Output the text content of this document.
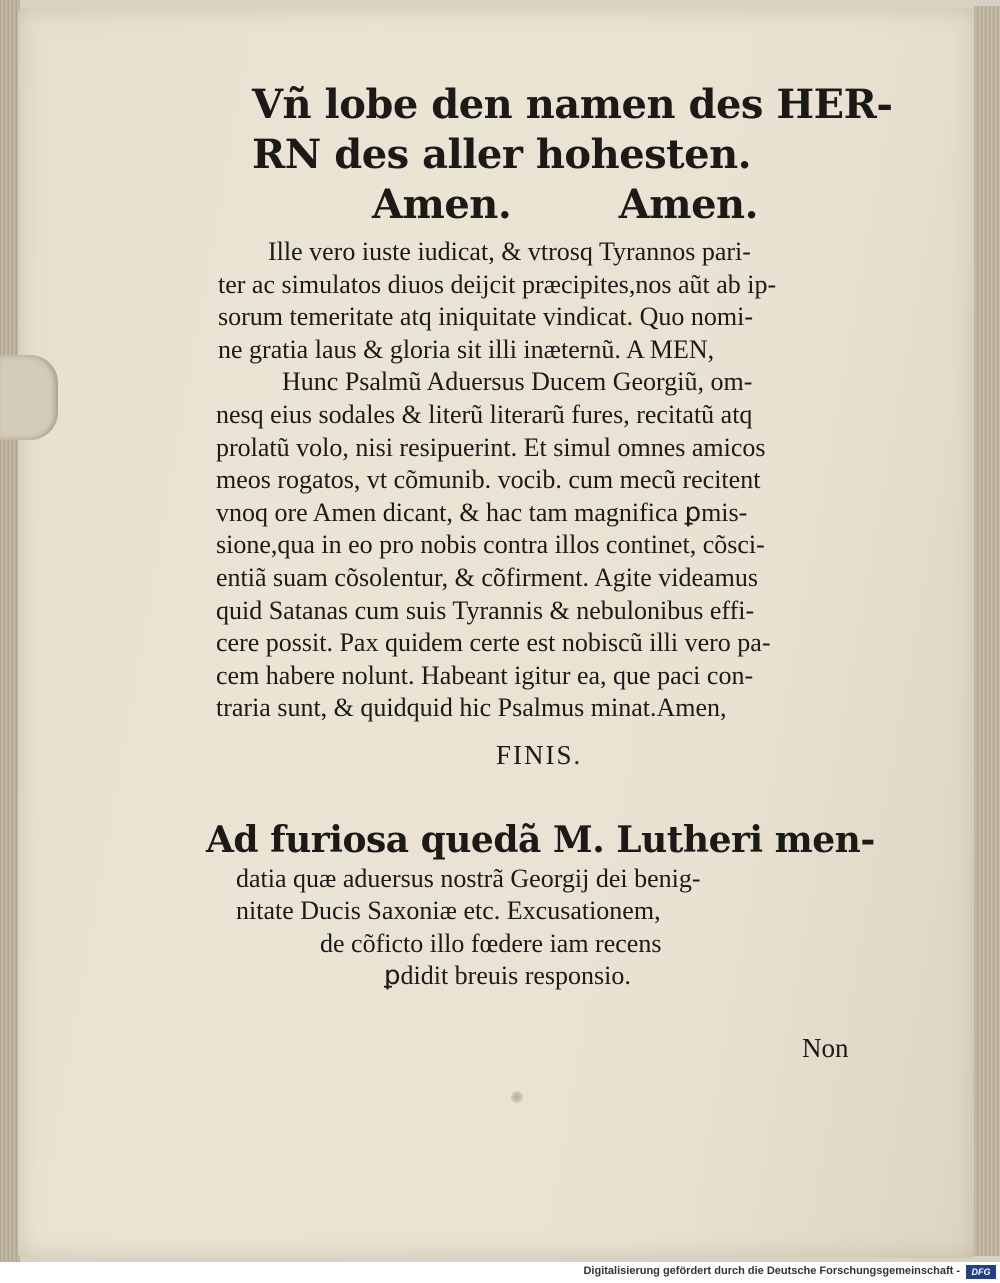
Vñ lobe den namen des HER-
RN des aller hohesten.
Amen.        Amen.
Ille vero iuste iudicat, & vtrosq Tyrannos pari-
ter ac simulatos diuos deijcit præcipites,nos aũt ab ip-
sorum temeritate atq iniquitate vindicat. Quo nomi-
ne gratia laus & gloria sit illi inæternũ. A MEN,
Hunc Psalmũ Aduersus Ducem Georgiũ, om-
nesq eius sodales & literũ literarũ fures, recitatũ atq
prolatũ volo, nisi resipuerint. Et simul omnes amicos
meos rogatos, vt cõmunib. vocib. cum mecũ recitent
vnoq ore Amen dicant, & hac tam magnifica ꝑmis-
sione,qua in eo pro nobis contra illos continet, cõsci-
entiã suam cõsolentur, & cõfirment. Agite videamus
quid Satanas cum suis Tyrannis & nebulonibus effi-
cere possit. Pax quidem certe est nobiscũ illi vero pa-
cem habere nolunt. Habeant igitur ea, que paci con-
traria sunt, & quidquid hic Psalmus minat.Amen,
FINIS.
Ad furiosa quedã M. Lutheri men-
datia quæ aduersus nostrã Georgij dei benig-
nitate Ducis Saxoniæ etc. Excusationem,
de cõficto illo fœdere iam recens
ꝑdidit breuis responsio.
Non
Digitalisierung gefördert durch die Deutsche Forschungsgemeinschaft -	DFG
